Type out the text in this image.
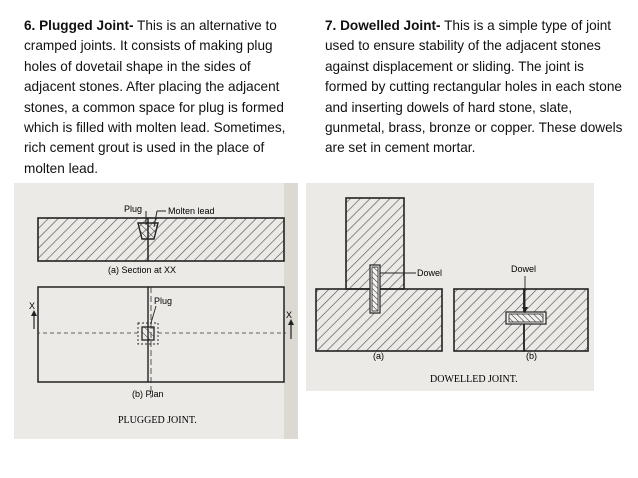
6. Plugged Joint- This is an alternative to cramped joints. It consists of making plug holes of dovetail shape in the sides of adjacent stones. After placing the adjacent stones, a common space for plug is formed which is filled with molten lead. Sometimes, rich cement grout is used in the place of molten lead.
7. Dowelled Joint- This is a simple type of joint used to ensure stability of the adjacent stones against displacement or sliding. The joint is formed by cutting rectangular holes in each stone and inserting dowels of hard stone, slate, gunmetal, brass, bronze or copper. These dowels are set in cement mortar.
Plug	Molten lead
(a) Section at XX
X
X
Plug
(b) Plan
PLUGGED JOINT.
Dowel
(a)
Dowel
(b)
DOWELLED JOINT.
